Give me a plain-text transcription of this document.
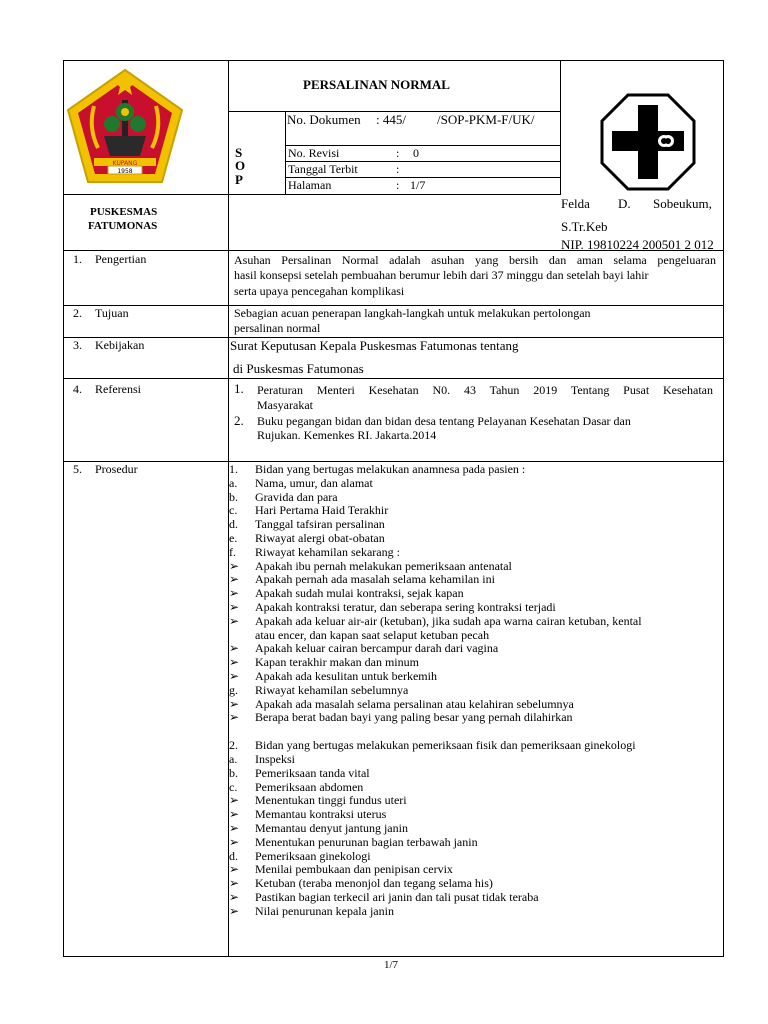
KUPANG
1958
PERSALINAN NORMAL
S
O
P
No. Dokumen : 445/ /SOP-PKM-F/UK/
No. Revisi	: 0
Tanggal Terbit	:
Halaman	: 1/7
PUSKESMAS
FATUMONAS
Felda D. Sobeukum,
S.Tr.Keb
NIP. 19810224 200501 2 012
1. Pengertian	Asuhan Persalinan Normal adalah asuhan yang bersih dan aman selama pengeluaran
hasil konsepsi setelah pembuahan berumur lebih dari 37 minggu dan setelah bayi lahir
serta upaya pencegahan komplikasi
2. Tujuan	Sebagian acuan penerapan langkah-langkah untuk melakukan pertolongan
persalinan normal
3. Kebijakan	Surat Keputusan Kepala Puskesmas Fatumonas tentang
di Puskesmas Fatumonas
4. Referensi	1. Peraturan Menteri Kesehatan N0. 43 Tahun 2019 Tentang Pusat Kesehatan
Masyarakat
2. Buku pegangan bidan dan bidan desa tentang Pelayanan Kesehatan Dasar dan
Rujukan. Kemenkes RI. Jakarta.2014
5. Prosedur	1. Bidan yang bertugas melakukan anamnesa pada pasien :
a. Nama, umur, dan alamat
b. Gravida dan para
c. Hari Pertama Haid Terakhir
d. Tanggal tafsiran persalinan
e. Riwayat alergi obat-obatan
f. Riwayat kehamilan sekarang :
➢ Apakah ibu pernah melakukan pemeriksaan antenatal
➢ Apakah pernah ada masalah selama kehamilan ini
➢ Apakah sudah mulai kontraksi, sejak kapan
➢ Apakah kontraksi teratur, dan seberapa sering kontraksi terjadi
➢ Apakah ada keluar air-air (ketuban), jika sudah apa warna cairan ketuban, kental
atau encer, dan kapan saat selaput ketuban pecah
➢ Apakah keluar cairan bercampur darah dari vagina
➢ Kapan terakhir makan dan minum
➢ Apakah ada kesulitan untuk berkemih
g. Riwayat kehamilan sebelumnya
➢ Apakah ada masalah selama persalinan atau kelahiran sebelumnya
➢ Berapa berat badan bayi yang paling besar yang pernah dilahirkan
2. Bidan yang bertugas melakukan pemeriksaan fisik dan pemeriksaan ginekologi
a. Inspeksi
b. Pemeriksaan tanda vital
c. Pemeriksaan abdomen
➢ Menentukan tinggi fundus uteri
➢ Memantau kontraksi uterus
➢ Memantau denyut jantung janin
➢ Menentukan penurunan bagian terbawah janin
d. Pemeriksaan ginekologi
➢ Menilai pembukaan dan penipisan cervix
➢ Ketuban (teraba menonjol dan tegang selama his)
➢ Pastikan bagian terkecil ari janin dan tali pusat tidak teraba
➢ Nilai penurunan kepala janin
1/7
